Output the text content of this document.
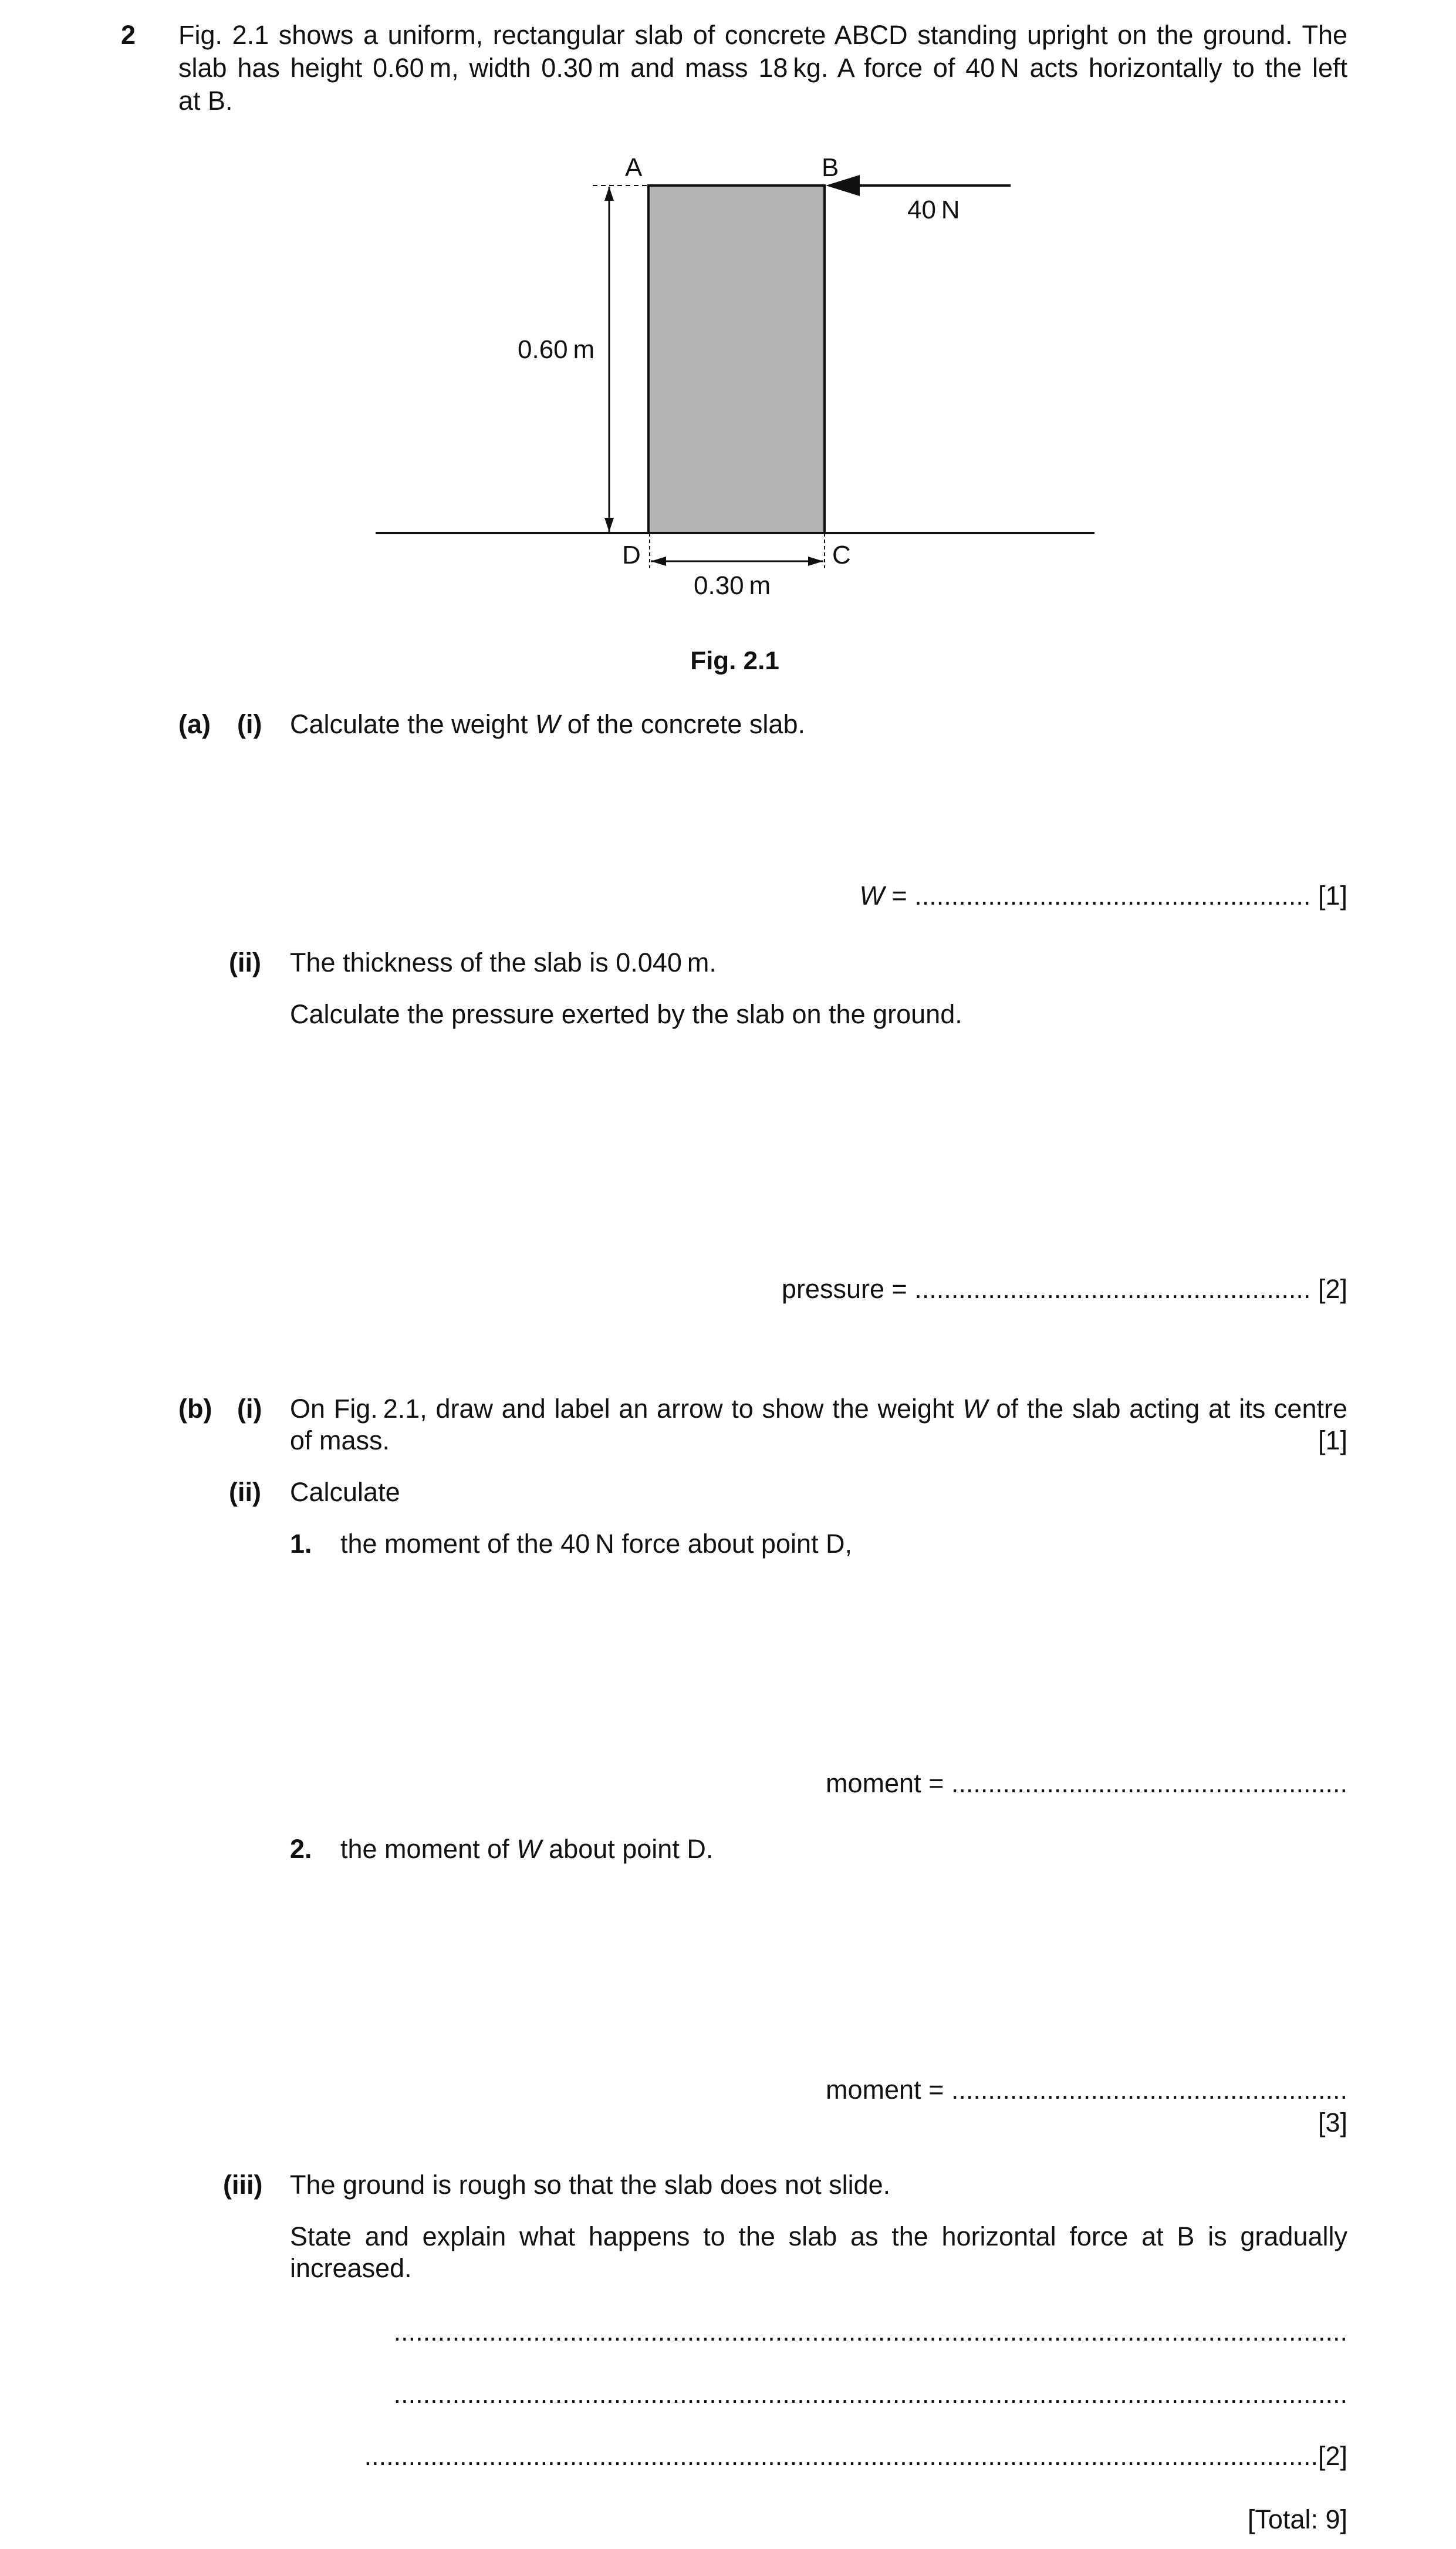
2 Fig. 2.1 shows a uniform, rectangular slab of concrete ABCD standing upright on the ground. The
slab has height 0.60 m, width 0.30 m and mass 18 kg. A force of 40 N acts horizontally to the left
at B.
A	B
D	C
40 N
0.60 m
0.30 m
Fig. 2.1
(a) (i) Calculate the weight W of the concrete slab.
W = ...................................................... [1]
(ii) The thickness of the slab is 0.040 m.
Calculate the pressure exerted by the slab on the ground.
pressure = ...................................................... [2]
(b) (i) On Fig. 2.1, draw and label an arrow to show the weight W of the slab acting at its centre
of mass.	[1]
(ii) Calculate
1. the moment of the 40 N force about point D,
moment = ......................................................
2. the moment of W about point D.
moment = ......................................................
[3]
(iii) The ground is rough so that the slab does not slide.
State and explain what happens to the slab as the horizontal force at B is gradually
increased.
..................................................................................................................................
..................................................................................................................................
..................................................................................................................................[2]
[Total: 9]
